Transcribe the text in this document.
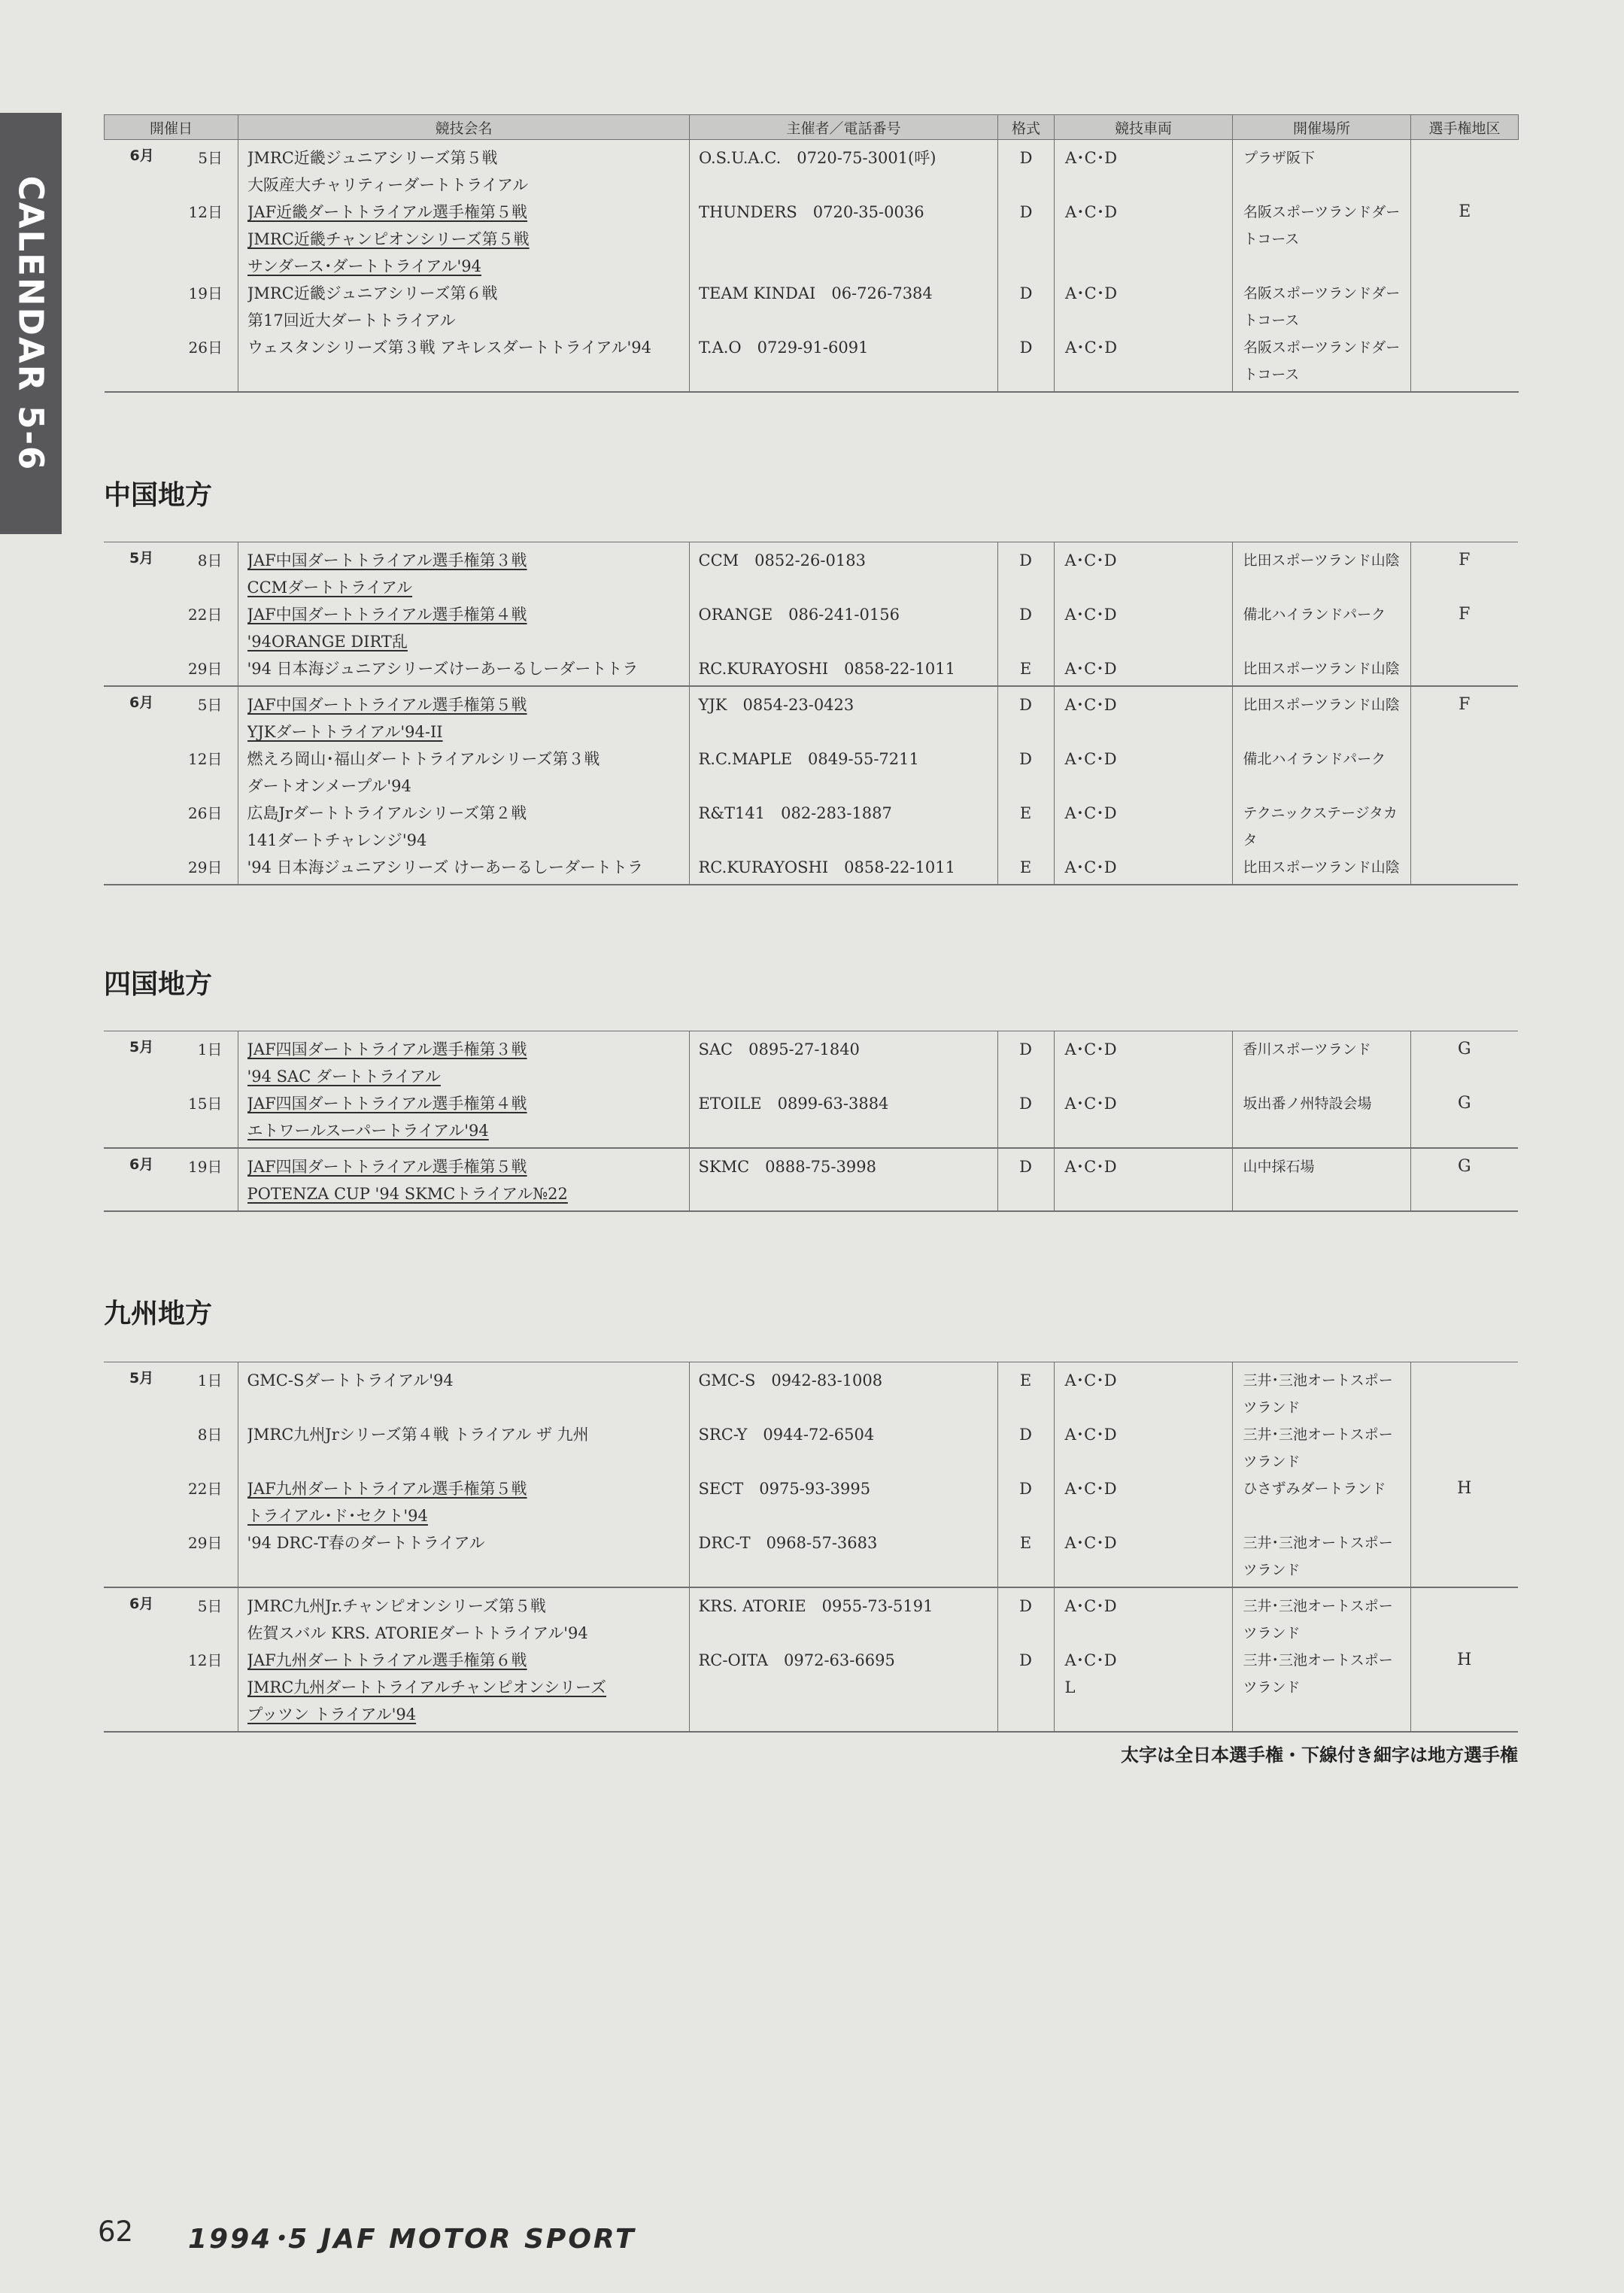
CALENDAR 5-6
中国地方
四国地方
九州地方
開催日	競技会名	主催者／電話番号	格式	競技車両	開催場所	選手権地区

6月 5日	JMRC近畿ジュニアシリーズ第５戦
大阪産大チャリティーダートトライアル	O.S.U.A.C.　0720-75-3001(呼)	D	A･C･D	プラザ阪下	

12日	JAF近畿ダートトライアル選手権第５戦
JMRC近畿チャンピオンシリーズ第５戦
サンダース･ダートトライアル'94	THUNDERS　0720-35-0036	D	A･C･D	名阪スポーツランドダー
トコース	E

19日	JMRC近畿ジュニアシリーズ第６戦
第17回近大ダートトライアル	TEAM KINDAI　06-726-7384	D	A･C･D	名阪スポーツランドダー
トコース	

26日	ウェスタンシリーズ第３戦 アキレスダートトライアル'94	T.A.O　0729-91-6091	D	A･C･D	名阪スポーツランドダー
トコース	

5月 8日	JAF中国ダートトライアル選手権第３戦
CCMダートトライアル	CCM　0852-26-0183	D	A･C･D	比田スポーツランド山陰	F

22日	JAF中国ダートトライアル選手権第４戦
'94ORANGE DIRT乱	ORANGE　086-241-0156	D	A･C･D	備北ハイランドパーク	F

29日	'94 日本海ジュニアシリーズけーあーるしーダートトラ	RC.KURAYOSHI　0858-22-1011	E	A･C･D	比田スポーツランド山陰	

6月 5日	JAF中国ダートトライアル選手権第５戦
YJKダートトライアル'94-II	YJK　0854-23-0423	D	A･C･D	比田スポーツランド山陰	F

12日	燃えろ岡山･福山ダートトライアルシリーズ第３戦
ダートオンメープル'94	R.C.MAPLE　0849-55-7211	D	A･C･D	備北ハイランドパーク	

26日	広島Jrダートトライアルシリーズ第２戦
141ダートチャレンジ'94	R&T141　082-283-1887	E	A･C･D	テクニックステージタカ
タ	

29日	'94 日本海ジュニアシリーズ けーあーるしーダートトラ	RC.KURAYOSHI　0858-22-1011	E	A･C･D	比田スポーツランド山陰	

5月 1日	JAF四国ダートトライアル選手権第３戦
'94 SAC ダートトライアル	SAC　0895-27-1840	D	A･C･D	香川スポーツランド	G

15日	JAF四国ダートトライアル選手権第４戦
エトワールスーパートライアル'94	ETOILE　0899-63-3884	D	A･C･D	坂出番ノ州特設会場	G

6月 19日	JAF四国ダートトライアル選手権第５戦
POTENZA CUP '94 SKMCトライアル№22	SKMC　0888-75-3998	D	A･C･D	山中採石場	G
5月 1日	GMC-Sダートトライアル'94	GMC-S　0942-83-1008	E	A･C･D	三井･三池オートスポー
ツランド	

8日	JMRC九州Jrシリーズ第４戦 トライアル ザ 九州	SRC-Y　0944-72-6504	D	A･C･D	三井･三池オートスポー
ツランド	

22日	JAF九州ダートトライアル選手権第５戦
トライアル･ド･セクト'94	SECT　0975-93-3995	D	A･C･D	ひさずみダートランド	H

29日	'94 DRC-T春のダートトライアル	DRC-T　0968-57-3683	E	A･C･D	三井･三池オートスポー
ツランド	

6月 5日	JMRC九州Jr.チャンピオンシリーズ第５戦
佐賀スバル KRS. ATORIEダートトライアル'94	KRS. ATORIE　0955-73-5191	D	A･C･D	三井･三池オートスポー
ツランド	

12日	JAF九州ダートトライアル選手権第６戦
JMRC九州ダートトライアルチャンピオンシリーズ
プッツン トライアル'94	RC-OITA　0972-63-6695	D	A･C･D
L	三井･三池オートスポー
ツランド	H
太字は全日本選手権・下線付き細字は地方選手権
62 1994･5 JAF MOTOR SPORT
